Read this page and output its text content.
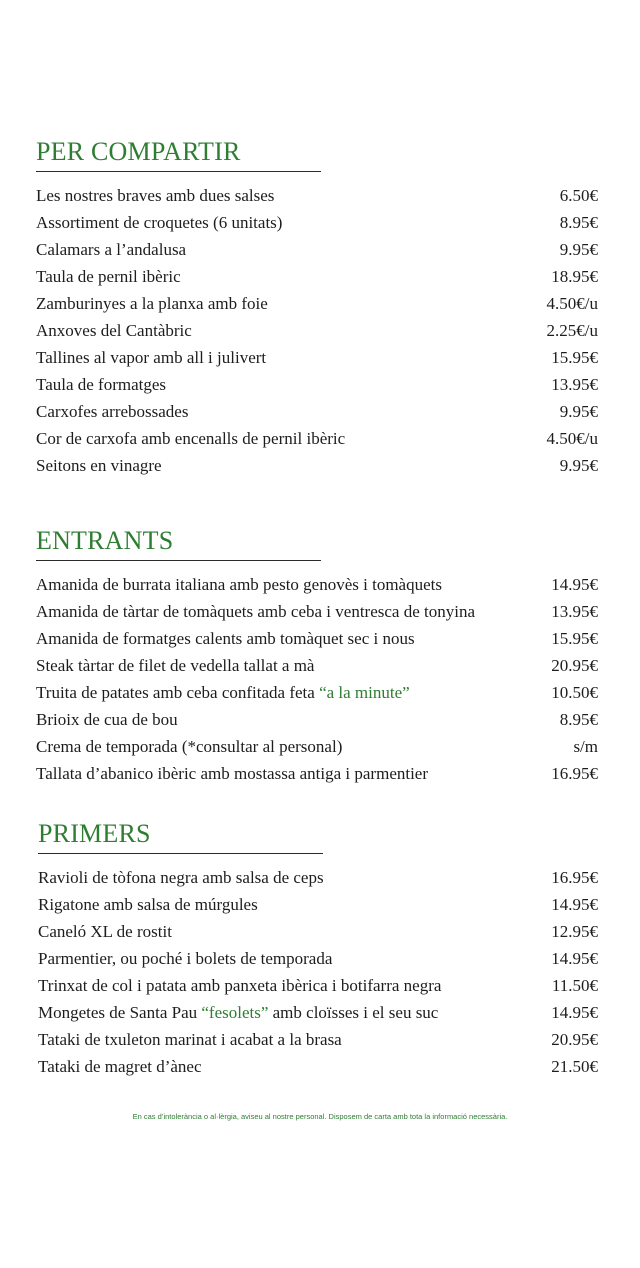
PER COMPARTIR
Les nostres braves amb dues salses	6.50€
Assortiment de croquetes (6 unitats)	8.95€
Calamars a l’andalusa	9.95€
Taula de pernil ibèric	18.95€
Zamburinyes a la planxa amb foie	4.50€/u
Anxoves del Cantàbric	2.25€/u
Tallines al vapor amb all i julivert	15.95€
Taula de formatges	13.95€
Carxofes arrebossades	9.95€
Cor de carxofa amb encenalls de pernil ibèric	4.50€/u
Seitons en vinagre	9.95€
ENTRANTS
Amanida de burrata italiana amb pesto genovès i tomàquets	14.95€
Amanida de tàrtar de tomàquets amb ceba i ventresca de tonyina	13.95€
Amanida de formatges calents amb tomàquet sec i nous	15.95€
Steak tàrtar de filet de vedella tallat a mà	20.95€
Truita de patates amb ceba confitada feta “a la minute”	10.50€
Brioix de cua de bou	8.95€
Crema de temporada (*consultar al personal)	s/m
Tallata d’abanico ibèric amb mostassa antiga i parmentier	16.95€
PRIMERS
Ravioli de tòfona negra amb salsa de ceps	16.95€
Rigatone amb salsa de múrgules	14.95€
Caneló XL de rostit	12.95€
Parmentier, ou poché i bolets de temporada	14.95€
Trinxat de col i patata amb panxeta ibèrica i botifarra negra	11.50€
Mongetes de Santa Pau “fesolets” amb cloïsses i el seu suc	14.95€
Tataki de txuleton marinat i acabat a la brasa	20.95€
Tataki de magret d’ànec	21.50€
En cas d’intolerància o al·lèrgia, aviseu al nostre personal. Disposem de carta amb tota la informació necessària.
